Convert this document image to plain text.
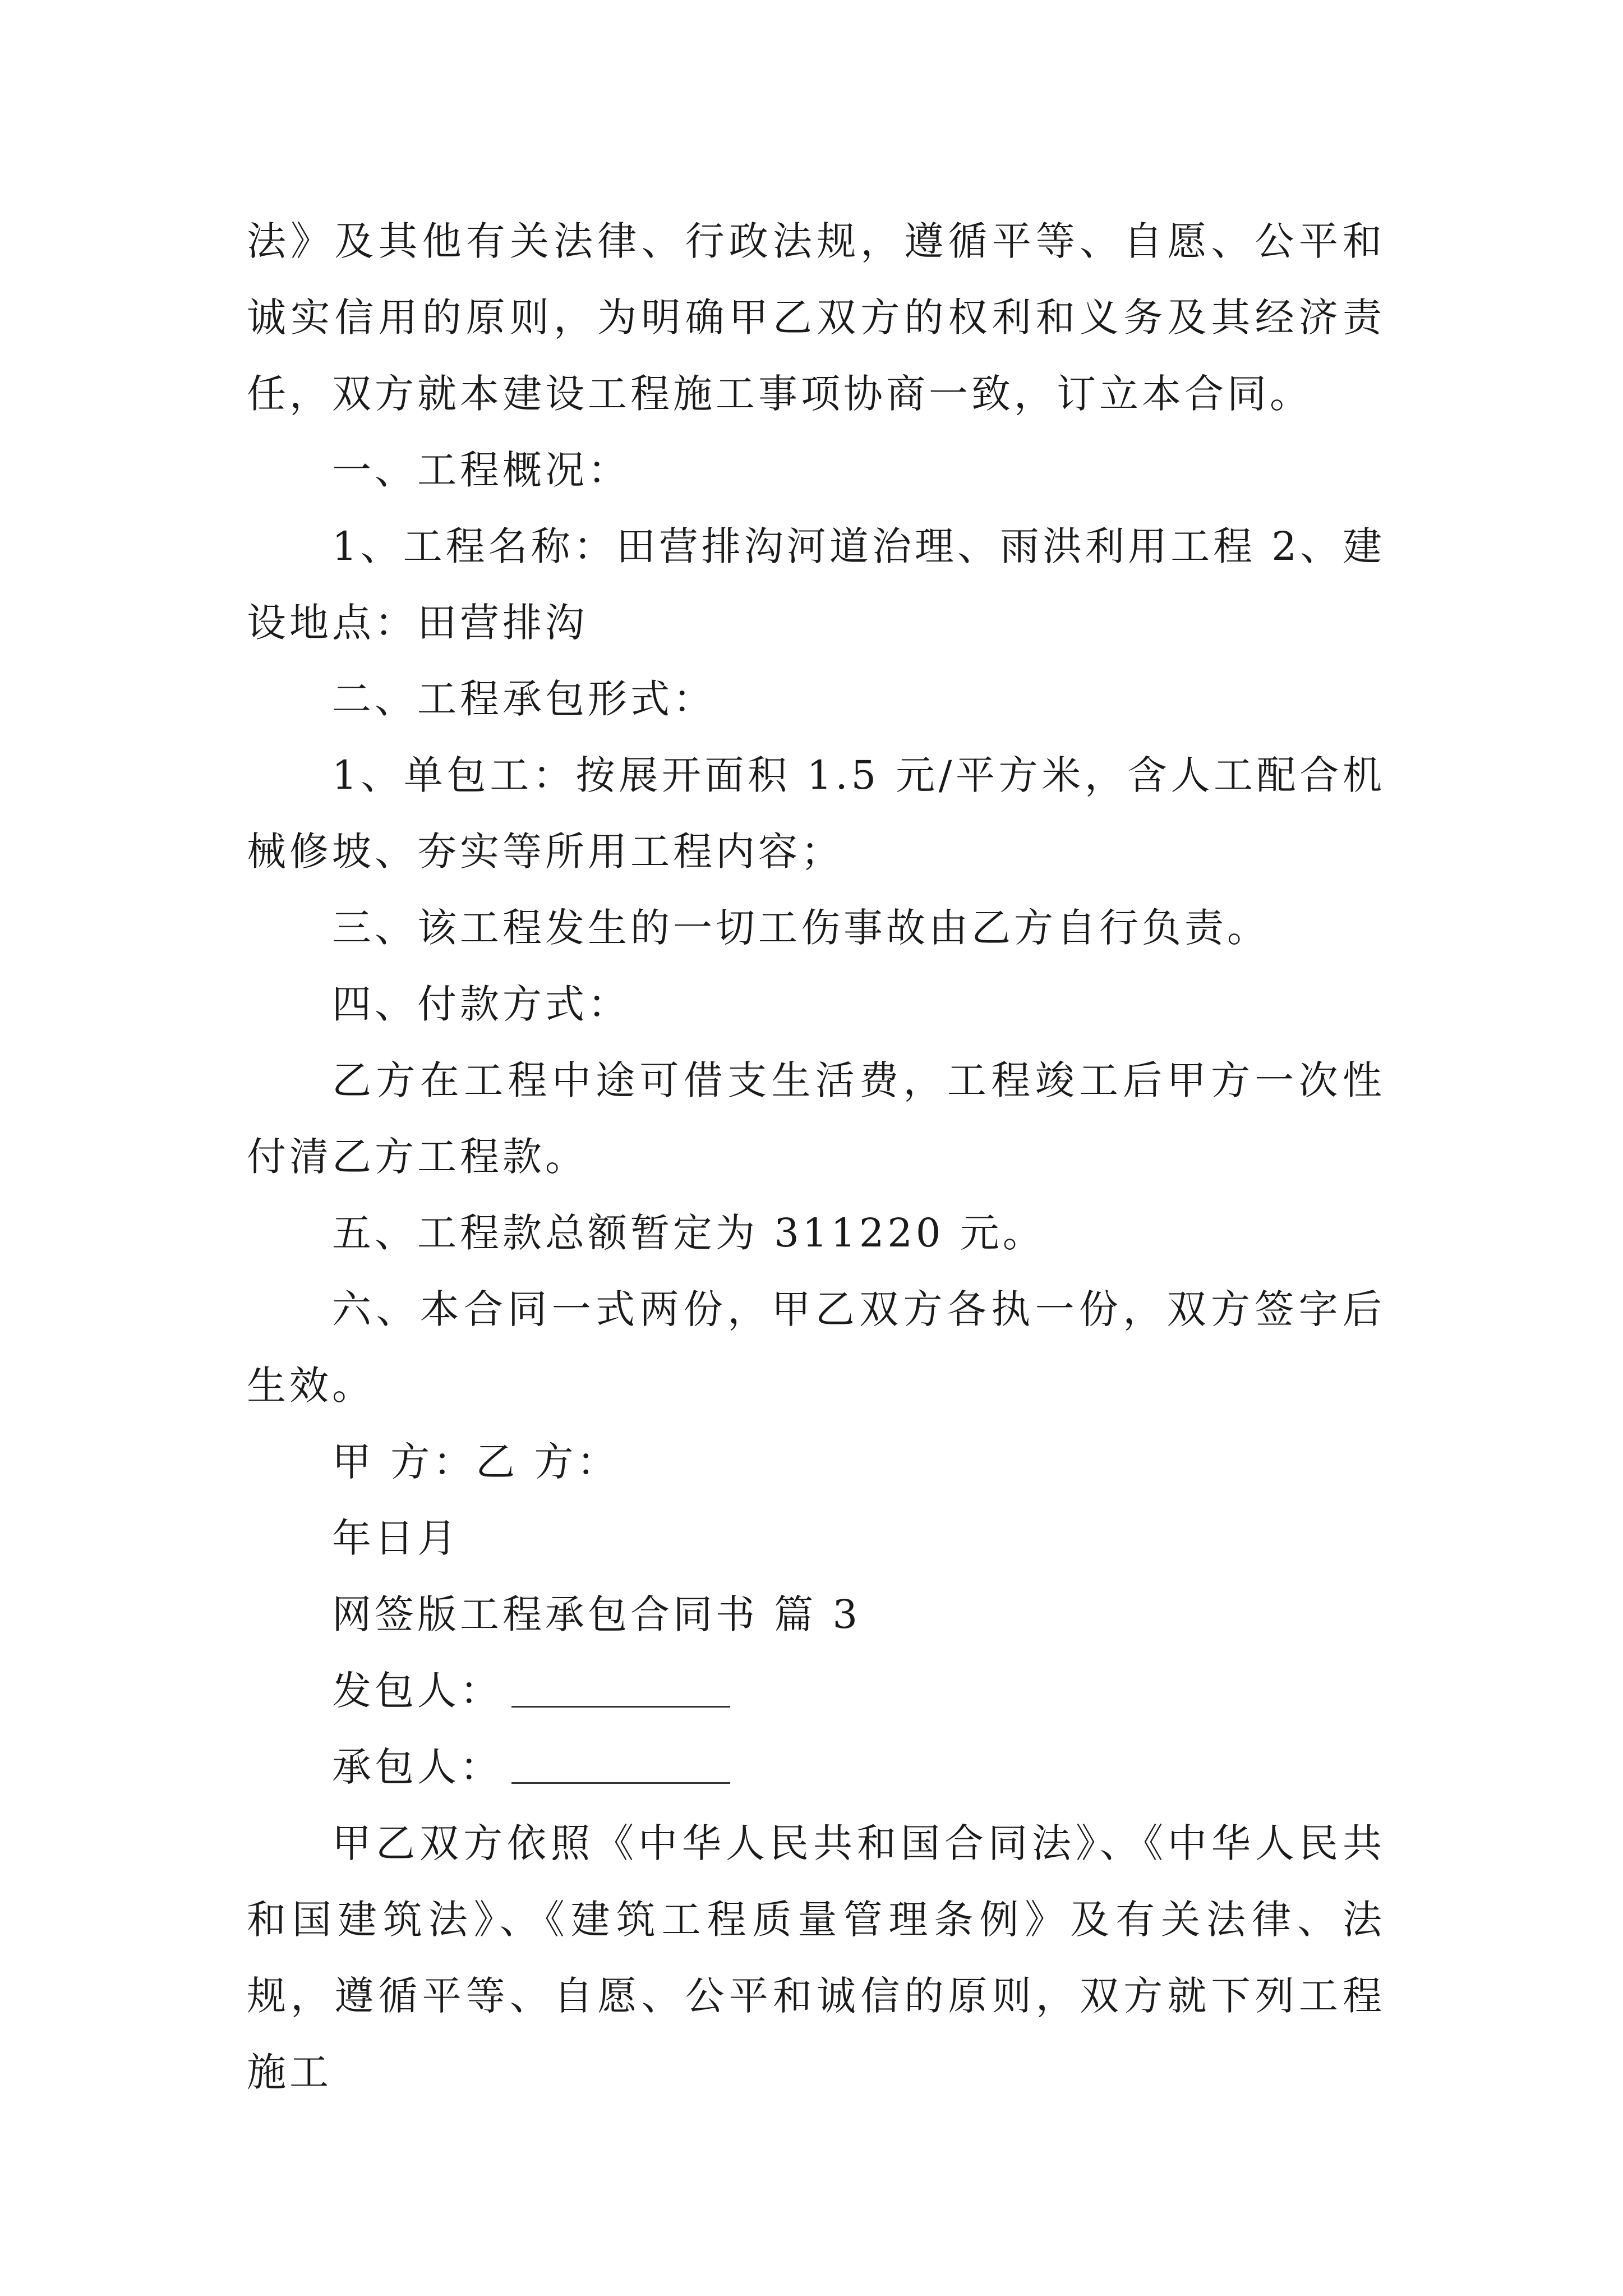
法》及其他有关法律、行政法规，遵循平等、自愿、公平和诚实信用的原则，为明确甲乙双方的权利和义务及其经济责任，双方就本建设工程施工事项协商一致，订立本合同。

一、工程概况：

1、工程名称：田营排沟河道治理、雨洪利用工程 2、建设地点：田营排沟

二、工程承包形式：

1、单包工：按展开面积 1.5 元/平方米，含人工配合机械修坡、夯实等所用工程内容；

三、该工程发生的一切工伤事故由乙方自行负责。

四、付款方式：

乙方在工程中途可借支生活费，工程竣工后甲方一次性付清乙方工程款。

五、工程款总额暂定为 311220 元。

六、本合同一式两份，甲乙双方各执一份，双方签字后生效。

甲 方：乙 方：

年日月

网签版工程承包合同书 篇 3

发包人：

承包人：

甲乙双方依照《中华人民共和国合同法》、《中华人民共和国建筑法》、《建筑工程质量管理条例》及有关法律、法规，遵循平等、自愿、公平和诚信的原则，双方就下列工程施工
